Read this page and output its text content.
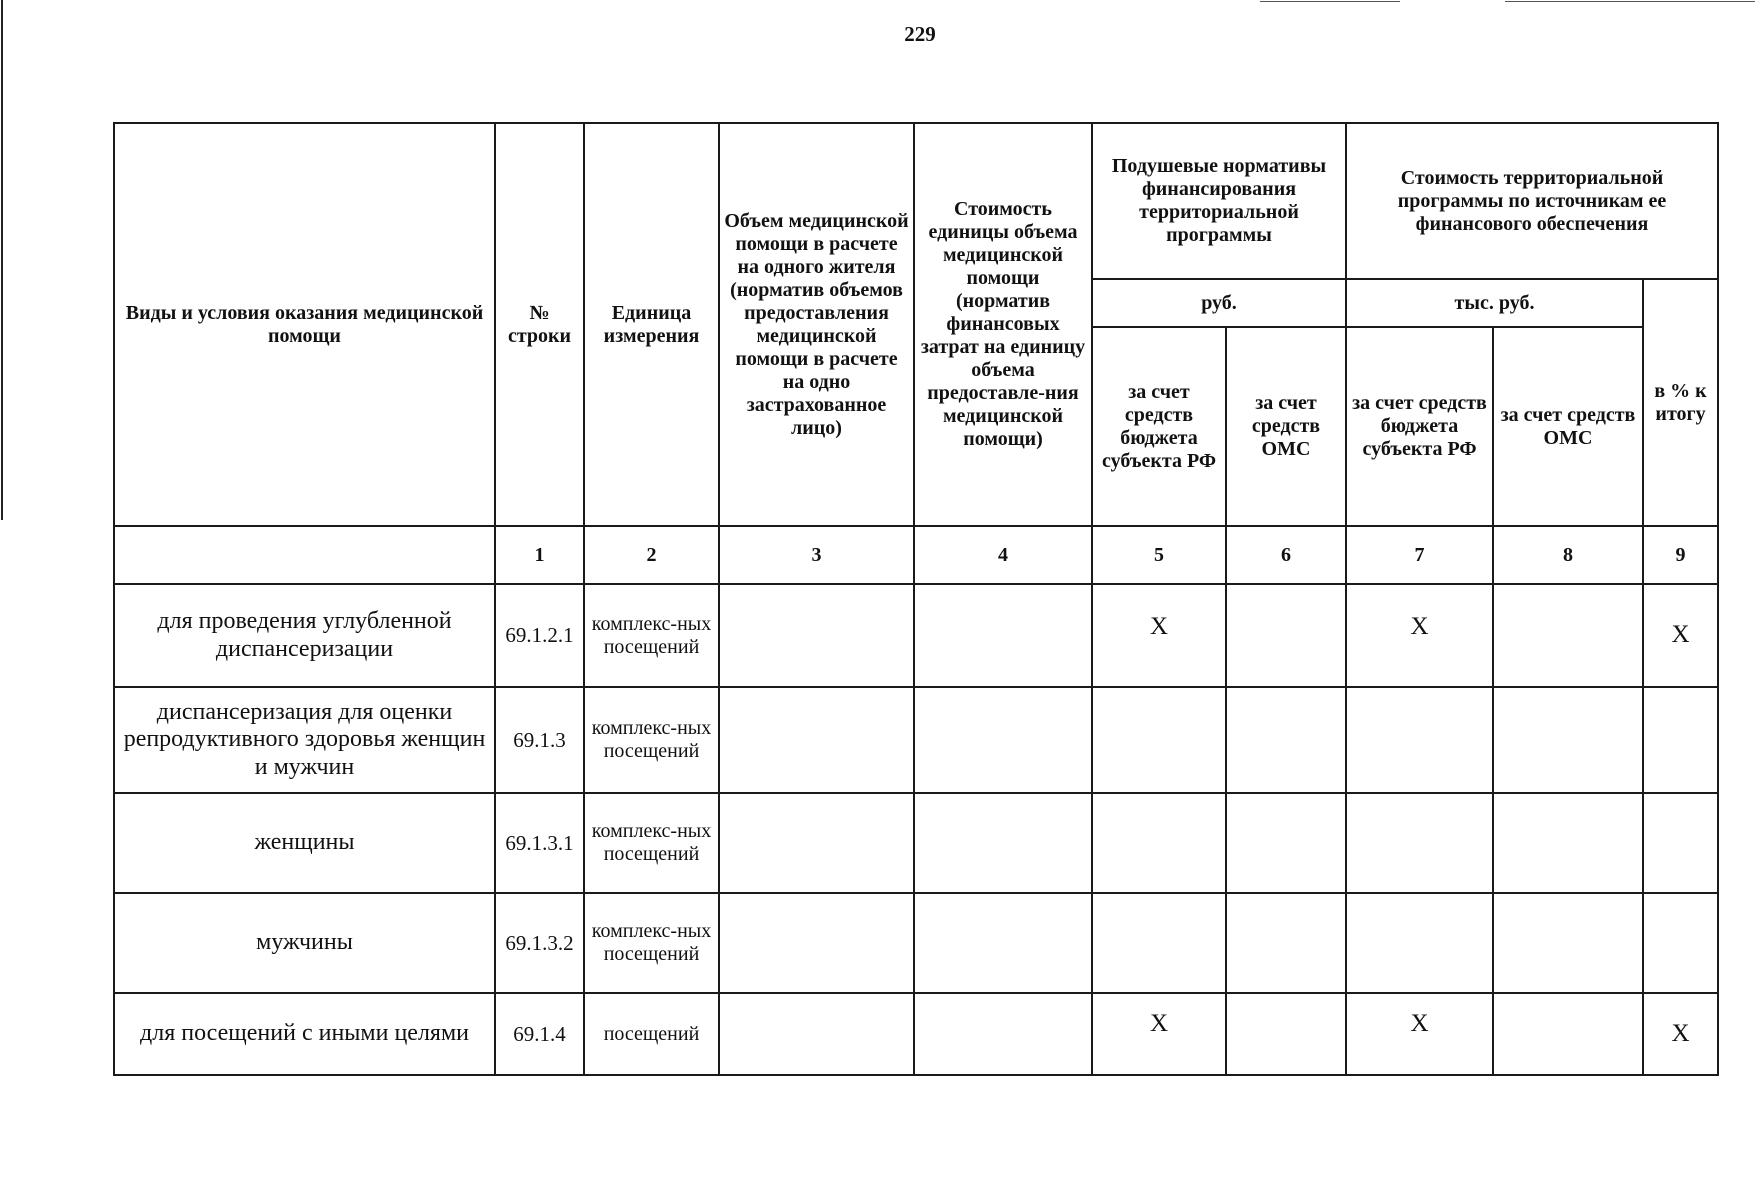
229
Виды и условия оказания медицинской помощи	№ строки	Единица измерения	Объем медицинской помощи в расчете на одного жителя (норматив объемов предоставления медицинской помощи в расчете на одно застрахованное лицо)	Стоимость единицы объема медицинской помощи (норматив финансовых затрат на единицу объема предоставле-ния медицинской помощи)	Подушевые нормативы финансирования территориальной программы		Стоимость территориальной программы по источникам ее финансового обеспечения		
					руб.		тыс. руб.		в % к итогу
					за счет средств бюджета субъекта РФ	за счет средств ОМС	за счет средств бюджета субъекта РФ	за счет средств ОМС	
	1	2	3	4	5	6	7	8	9
для проведения углубленной диспансеризации	69.1.2.1	комплекс-ных посещений			X		X		X
диспансеризация для оценки репродуктивного здоровья женщин и мужчин	69.1.3	комплекс-ных посещений							
женщины	69.1.3.1	комплекс-ных посещений							
мужчины	69.1.3.2	комплекс-ных посещений							
для посещений с иными целями	69.1.4	посещений			X		X		X
